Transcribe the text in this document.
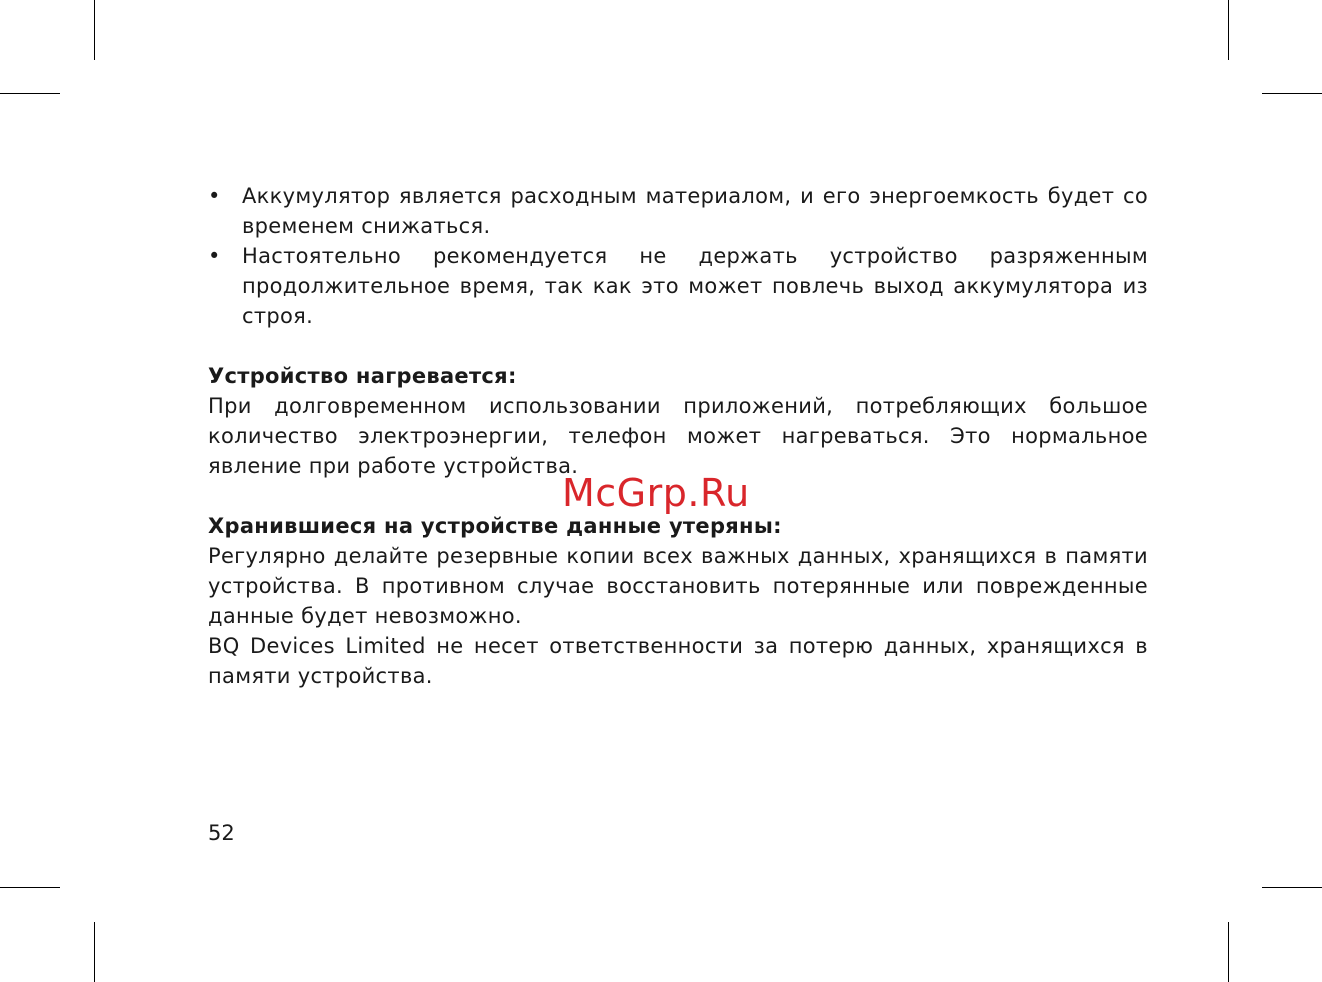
• Аккумулятор является расходным материалом, и его энергоемкость будет со временем снижаться.
• Настоятельно рекомендуется не держать устройство разряженным продолжительное время, так как это может повлечь выход аккумулятора из строя.

Устройство нагревается:

При долговременном использовании приложений, потребляющих большое количество электроэнергии, телефон может нагреваться. Это нормальное явление при работе устройства.

Хранившиеся на устройстве данные утеряны:

Регулярно делайте резервные копии всех важных данных, хранящихся в памяти устройства. В противном случае восстановить потерянные или поврежденные данные будет невозможно.

BQ Devices Limited не несет ответственности за потерю данных, хранящихся в памяти устройства.

McGrp.Ru
52
